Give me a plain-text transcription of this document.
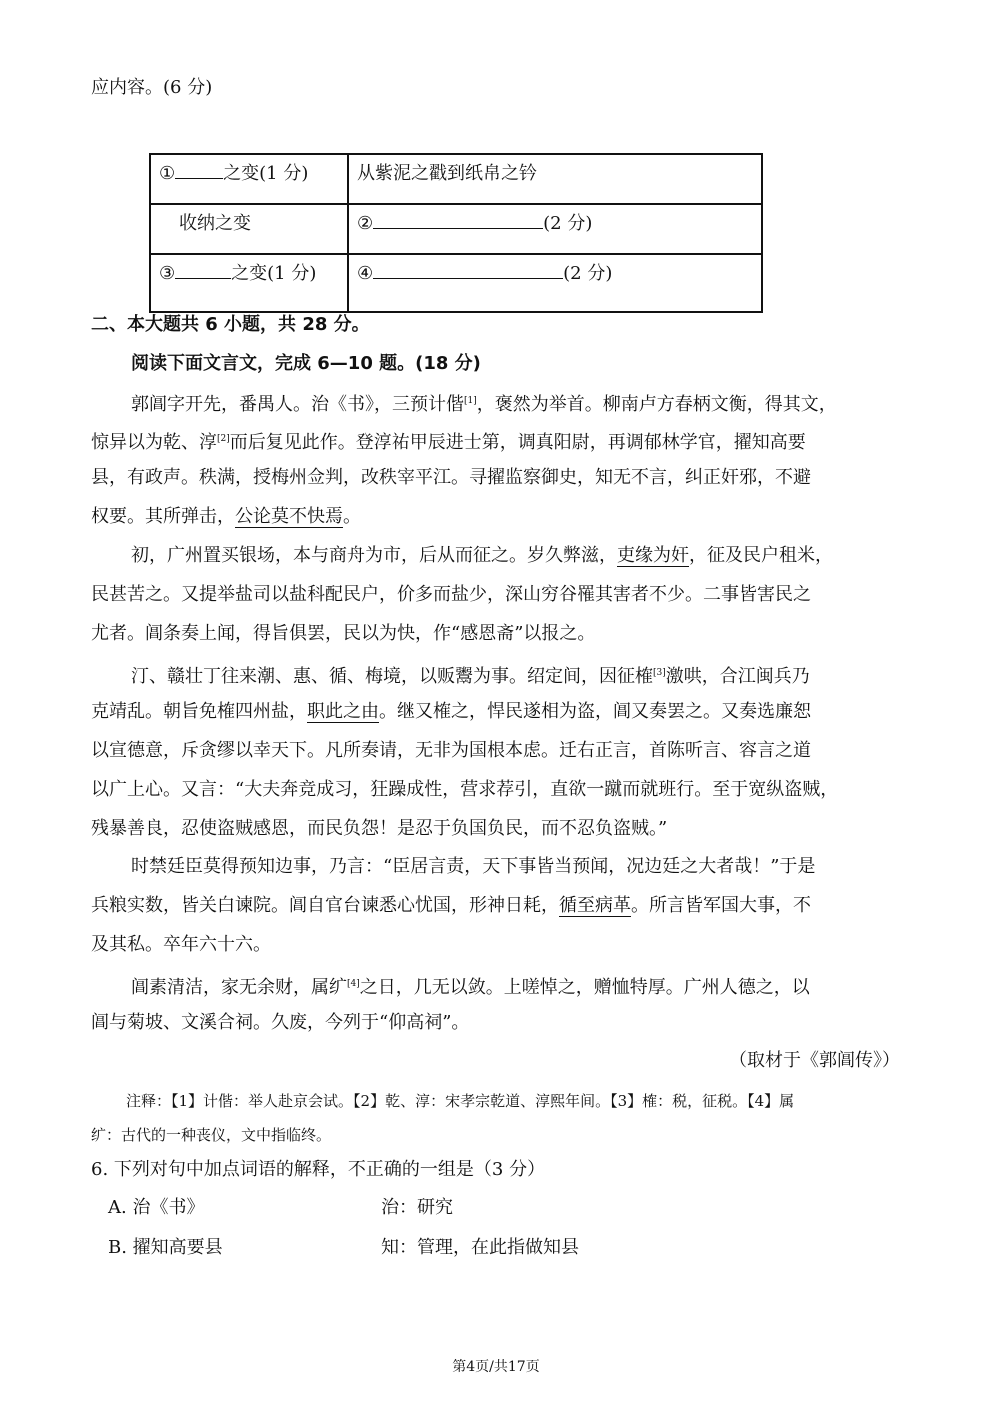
应内容。(6 分)
① 之变(1 分)	从紫泥之戳到纸帛之钤
收纳之变	② (2 分)
③ 之变(1 分)	④ (2 分)
二、本大题共 6 小题，共 28 分。
阅读下面文言文，完成 6—10 题。(18 分)
郭阊字开先，番禺人。治《书》，三预计偕[1]，褒然为举首。柳南卢方春柄文衡，得其文，
惊异以为乾、淳[2]而后复见此作。登淳祐甲辰进士第，调真阳尉，再调郁林学官，擢知高要
县，有政声。秩满，授梅州佥判，改秩宰平江。寻擢监察御史，知无不言，纠正奸邪，不避
权要。其所弹击，公论莫不快焉。
初，广州置买银场，本与商舟为市，后从而征之。岁久弊滋，吏缘为奸，征及民户租米，
民甚苦之。又提举盐司以盐科配民户，价多而盐少，深山穷谷罹其害者不少。二事皆害民之
尤者。阊条奏上闻，得旨俱罢，民以为快，作“感恩斋”以报之。
汀、赣壮丁往来潮、惠、循、梅境，以贩鬻为事。绍定间，因征榷[3]激哄，合江闽兵乃
克靖乱。朝旨免榷四州盐，职此之由。继又榷之，悍民遂相为盗，阊又奏罢之。又奏选廉恕
以宣德意，斥贪缪以幸天下。凡所奏请，无非为国根本虑。迁右正言，首陈听言、容言之道
以广上心。又言：“大夫奔竞成习，狂躁成性，营求荐引，直欲一蹴而就班行。至于宽纵盗贼，
残暴善良，忍使盗贼感恩，而民负怨！是忍于负国负民，而不忍负盗贼。”
时禁廷臣莫得预知边事，乃言：“臣居言责，天下事皆当预闻，况边廷之大者哉！”于是
兵粮实数，皆关白谏院。阊自官台谏悉心忧国，形神日耗，循至病革。所言皆军国大事，不
及其私。卒年六十六。
阊素清洁，家无余财，属纩[4]之日，几无以敛。上嗟悼之，赠恤特厚。广州人德之，以
阊与菊坡、文溪合祠。久废，今列于“仰高祠”。
（取材于《郭阊传》）
注释：【1】计偕：举人赴京会试。【2】乾、淳：宋孝宗乾道、淳熙年间。【3】榷：税，征税。【4】属
纩：古代的一种丧仪，文中指临终。
6. 下列对句中加点词语的解释，不正确的一组是（3 分）
A. 治《书》	治：研究
B. 擢知高要县	知：管理，在此指做知县
第4页/共17页
